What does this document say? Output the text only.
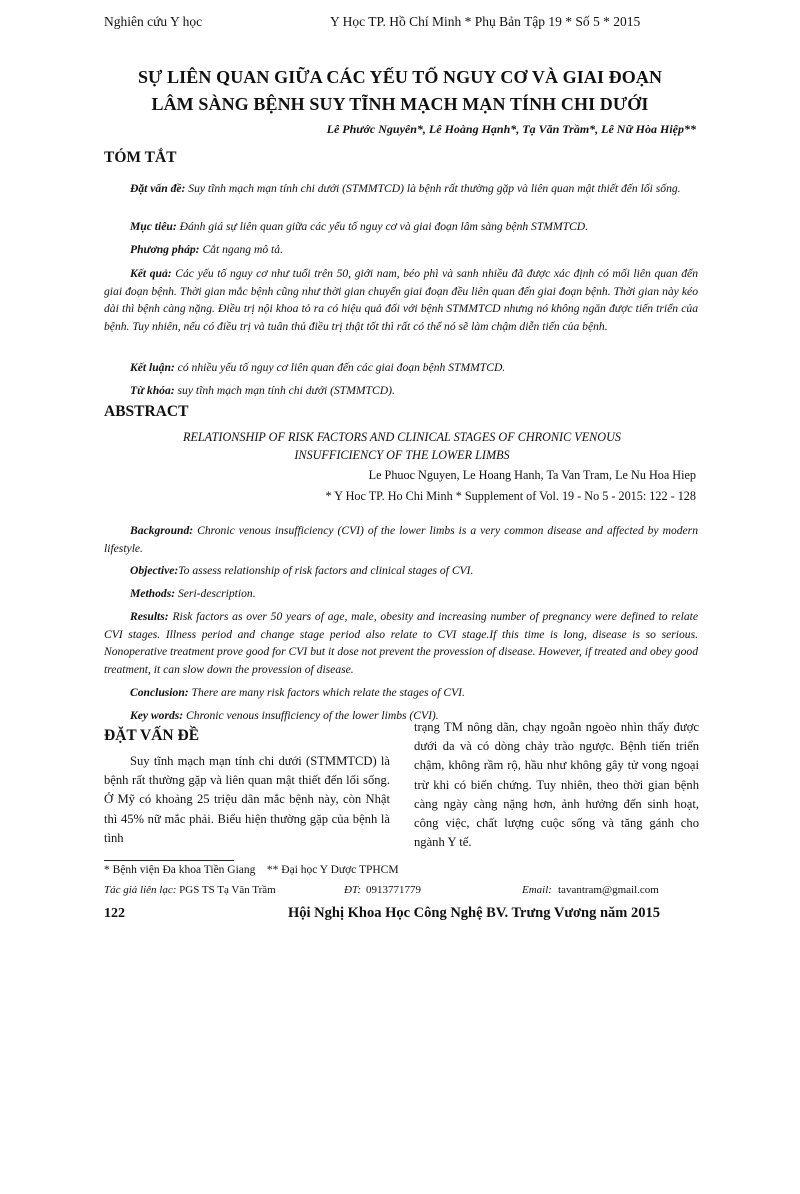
Nghiên cứu Y học	Y Học TP. Hồ Chí Minh * Phụ Bản Tập 19 * Số 5 * 2015
SỰ LIÊN QUAN GIỮA CÁC YẾU TỐ NGUY CƠ VÀ GIAI ĐOẠN
LÂM SÀNG BỆNH SUY TĨNH MẠCH MẠN TÍNH CHI DƯỚI
Lê Phước Nguyên*, Lê Hoàng Hạnh*, Tạ Văn Trầm*, Lê Nữ Hòa Hiệp**
TÓM TẮT
Đặt vấn đề: Suy tĩnh mạch mạn tính chi dưới (STMMTCD) là bệnh rất thường gặp và liên quan mật thiết đến lối sống.
Mục tiêu: Đánh giá sự liên quan giữa các yếu tố nguy cơ và giai đoạn lâm sàng bệnh STMMTCD.
Phương pháp: Cắt ngang mô tả.
Kết quả: Các yếu tố nguy cơ như tuổi trên 50, giới nam, béo phì và sanh nhiều đã được xác định có mối liên quan đến giai đoạn bệnh. Thời gian mắc bệnh cũng như thời gian chuyển giai đoạn đều liên quan đến giai đoạn bệnh. Thời gian này kéo dài thì bệnh càng nặng. Điều trị nội khoa tỏ ra có hiệu quả đối với bệnh STMMTCD nhưng nó không ngăn được tiến triển của bệnh. Tuy nhiên, nếu có điều trị và tuân thủ điều trị thật tốt thì rất có thể nó sẽ làm chậm diễn tiến của bệnh.
Kết luận: có nhiều yếu tố nguy cơ liên quan đến các giai đoạn bệnh STMMTCD.
Từ khóa: suy tĩnh mạch mạn tính chi dưới (STMMTCD).
ABSTRACT
RELATIONSHIP OF RISK FACTORS AND CLINICAL STAGES OF CHRONIC VENOUS
INSUFFICIENCY OF THE LOWER LIMBS
Le Phuoc Nguyen, Le Hoang Hanh, Ta Van Tram, Le Nu Hoa Hiep
* Y Hoc TP. Ho Chi Minh * Supplement of Vol. 19 - No 5 - 2015: 122 - 128
Background: Chronic venous insufficiency (CVI) of the lower limbs is a very common disease and affected by modern lifestyle.
Objective:To assess relationship of risk factors and clinical stages of CVI.
Methods: Seri-description.
Results: Risk factors as over 50 years of age, male, obesity and increasing number of pregnancy were defined to relate CVI stages. Illness period and change stage period also relate to CVI stage.If this time is long, disease is so serious. Nonoperative treatment prove good for CVI but it dose not prevent the provession of disease. However, if treated and obey good treatment, it can slow down the provession of disease.
Conclusion: There are many risk factors which relate the stages of CVI.
Key words: Chronic venous insufficiency of the lower limbs (CVI).
ĐẶT VẤN ĐỀ
Suy tĩnh mạch mạn tính chi dưới (STMMTCD) là bệnh rất thường gặp và liên quan mật thiết đến lối sống. Ở Mỹ có khoảng 25 triệu dân mắc bệnh này, còn Nhật thì 45% nữ mắc phải. Biểu hiện thường gặp của bệnh là tình
trạng TM nông dãn, chạy ngoằn ngoèo nhìn thấy được dưới da và có dòng chảy trào ngược. Bệnh tiến triển chậm, không rầm rộ, hầu như không gây tử vong ngoại trừ khi có biến chứng. Tuy nhiên, theo thời gian bệnh càng ngày càng nặng hơn, ảnh hưởng đến sinh hoạt, công việc, chất lượng cuộc sống và tăng gánh cho ngành Y tế.
* Bệnh viện Đa khoa Tiền Giang    ** Đại học Y Dược TPHCM
Tác giả liên lạc: PGS TS Tạ Văn Trầm	ĐT: 0913771779	Email: tavantram@gmail.com
122	Hội Nghị Khoa Học Công Nghệ BV. Trưng Vương năm 2015
